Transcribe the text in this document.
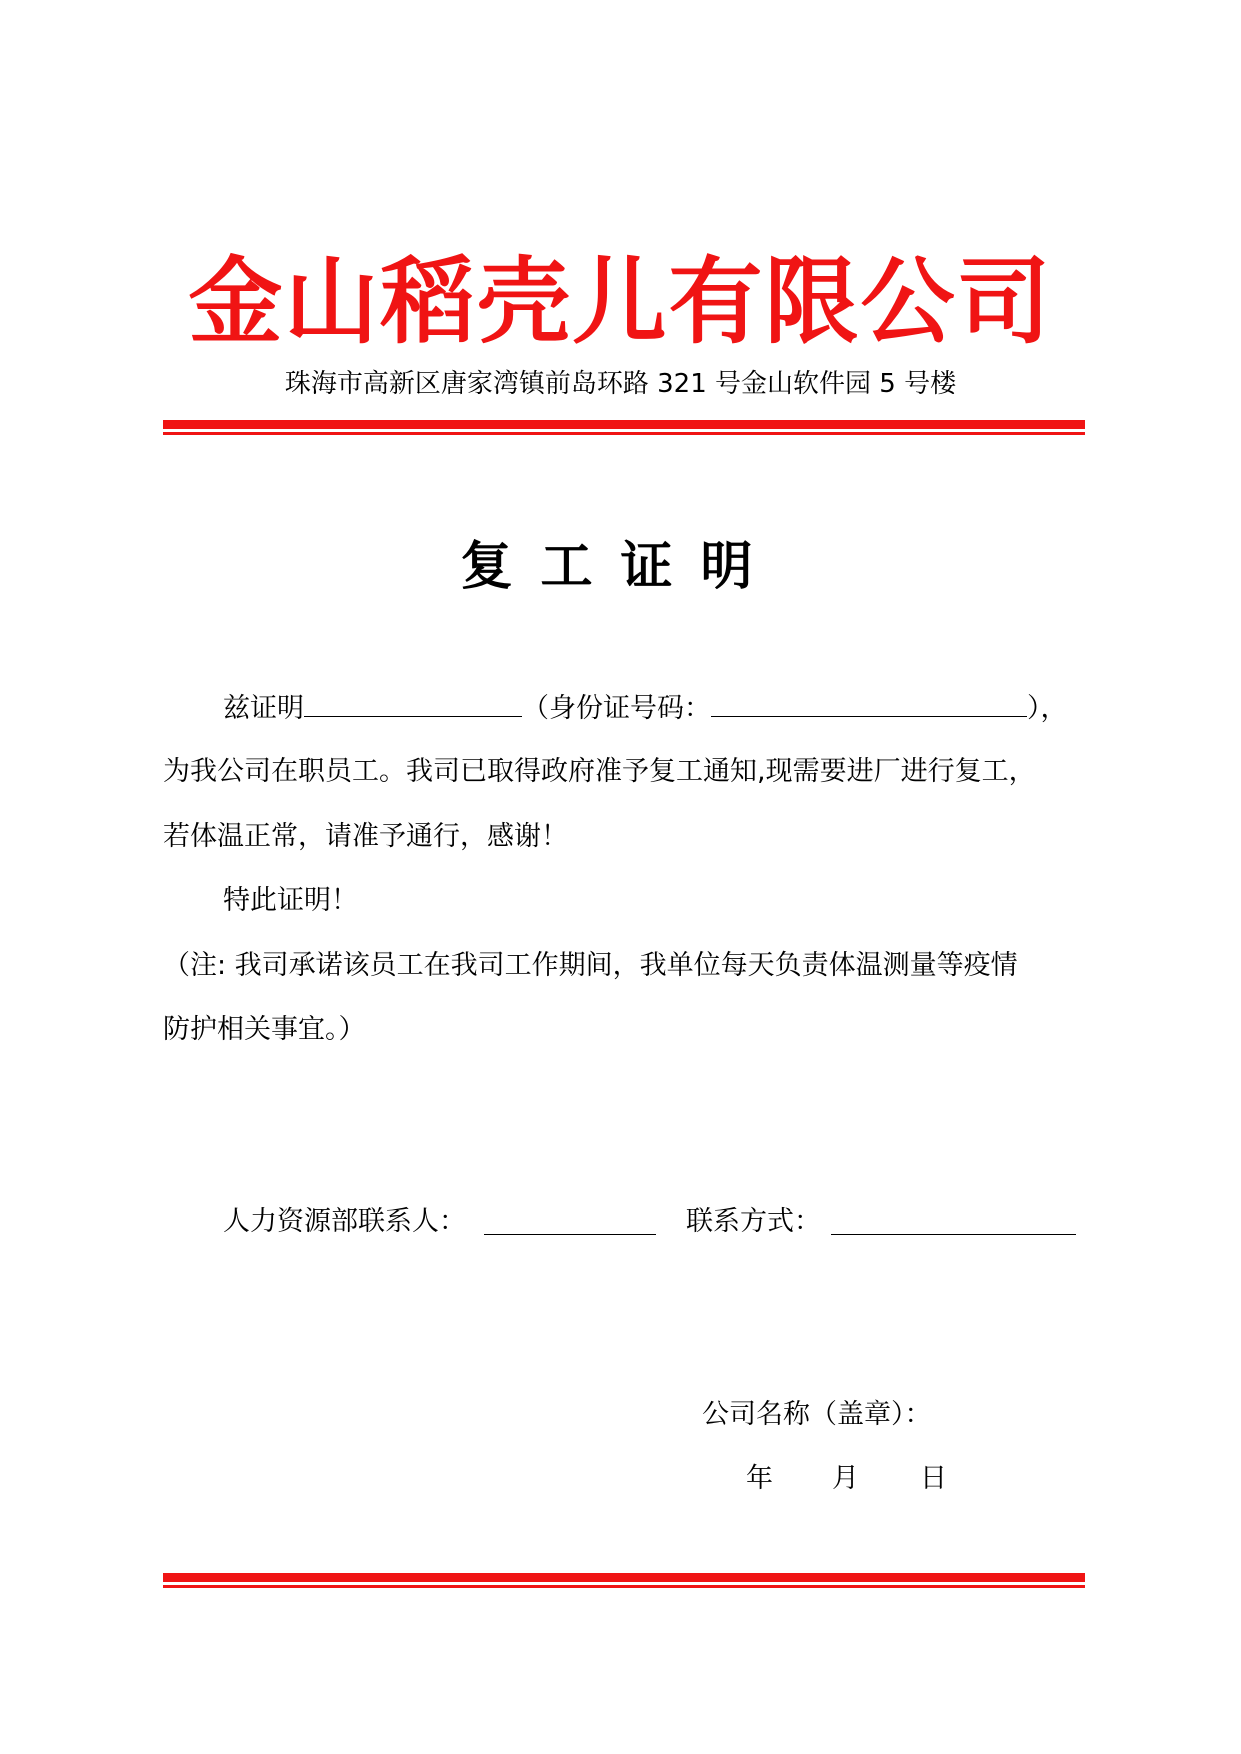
金山稻壳儿有限公司
珠海市高新区唐家湾镇前岛环路 321 号金山软件园 5 号楼
复工证明
兹证明	（身份证号码：	），
为我公司在职员工。我司已取得政府准予复工通知,现需要进厂进行复工，
若体温正常，请准予通行，感谢！
特此证明！
（注: 我司承诺该员工在我司工作期间，我单位每天负责体温测量等疫情
防护相关事宜。）
人力资源部联系人：	联系方式：
公司名称（盖章）：
年 月 日
